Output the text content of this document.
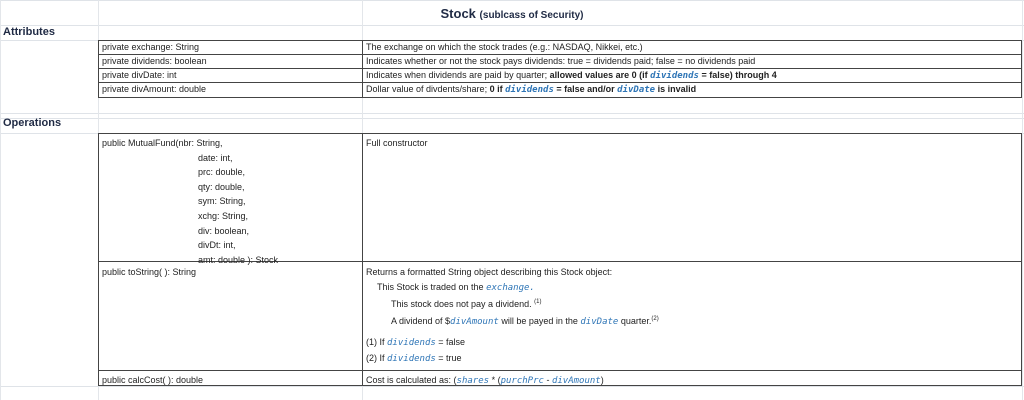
Stock (sublcass of Security)
Attributes
Operations
private exchange: String
private dividends: boolean
private divDate: int
private divAmount: double
The exchange on which the stock trades (e.g.: NASDAQ, Nikkei, etc.)
Indicates whether or not the stock pays dividends: true = dividends paid; false = no dividends paid
Indicates when dividends are paid by quarter; allowed values are 0 (if dividends = false) through 4
Dollar value of divdents/share; 0 if dividends = false and/or divDate is invalid
public MutualFund(nbr: String,
date: int,
prc: double,
qty: double,
sym: String,
xchg: String,
div: boolean,
divDt: int,
amt: double ): Stock
public toString( ): String
public calcCost( ): double
Full constructor
Returns a formatted String object describing this Stock object:
This Stock is traded on the exchange.
This stock does not pay a dividend. $^{(1)}$
A dividend of $divAmount will be payed in the divDate quarter.$^{(2)}$
(1) If dividends = false
(2) If dividends = true
Cost is calculated as: (shares * (purchPrc - divAmount)
